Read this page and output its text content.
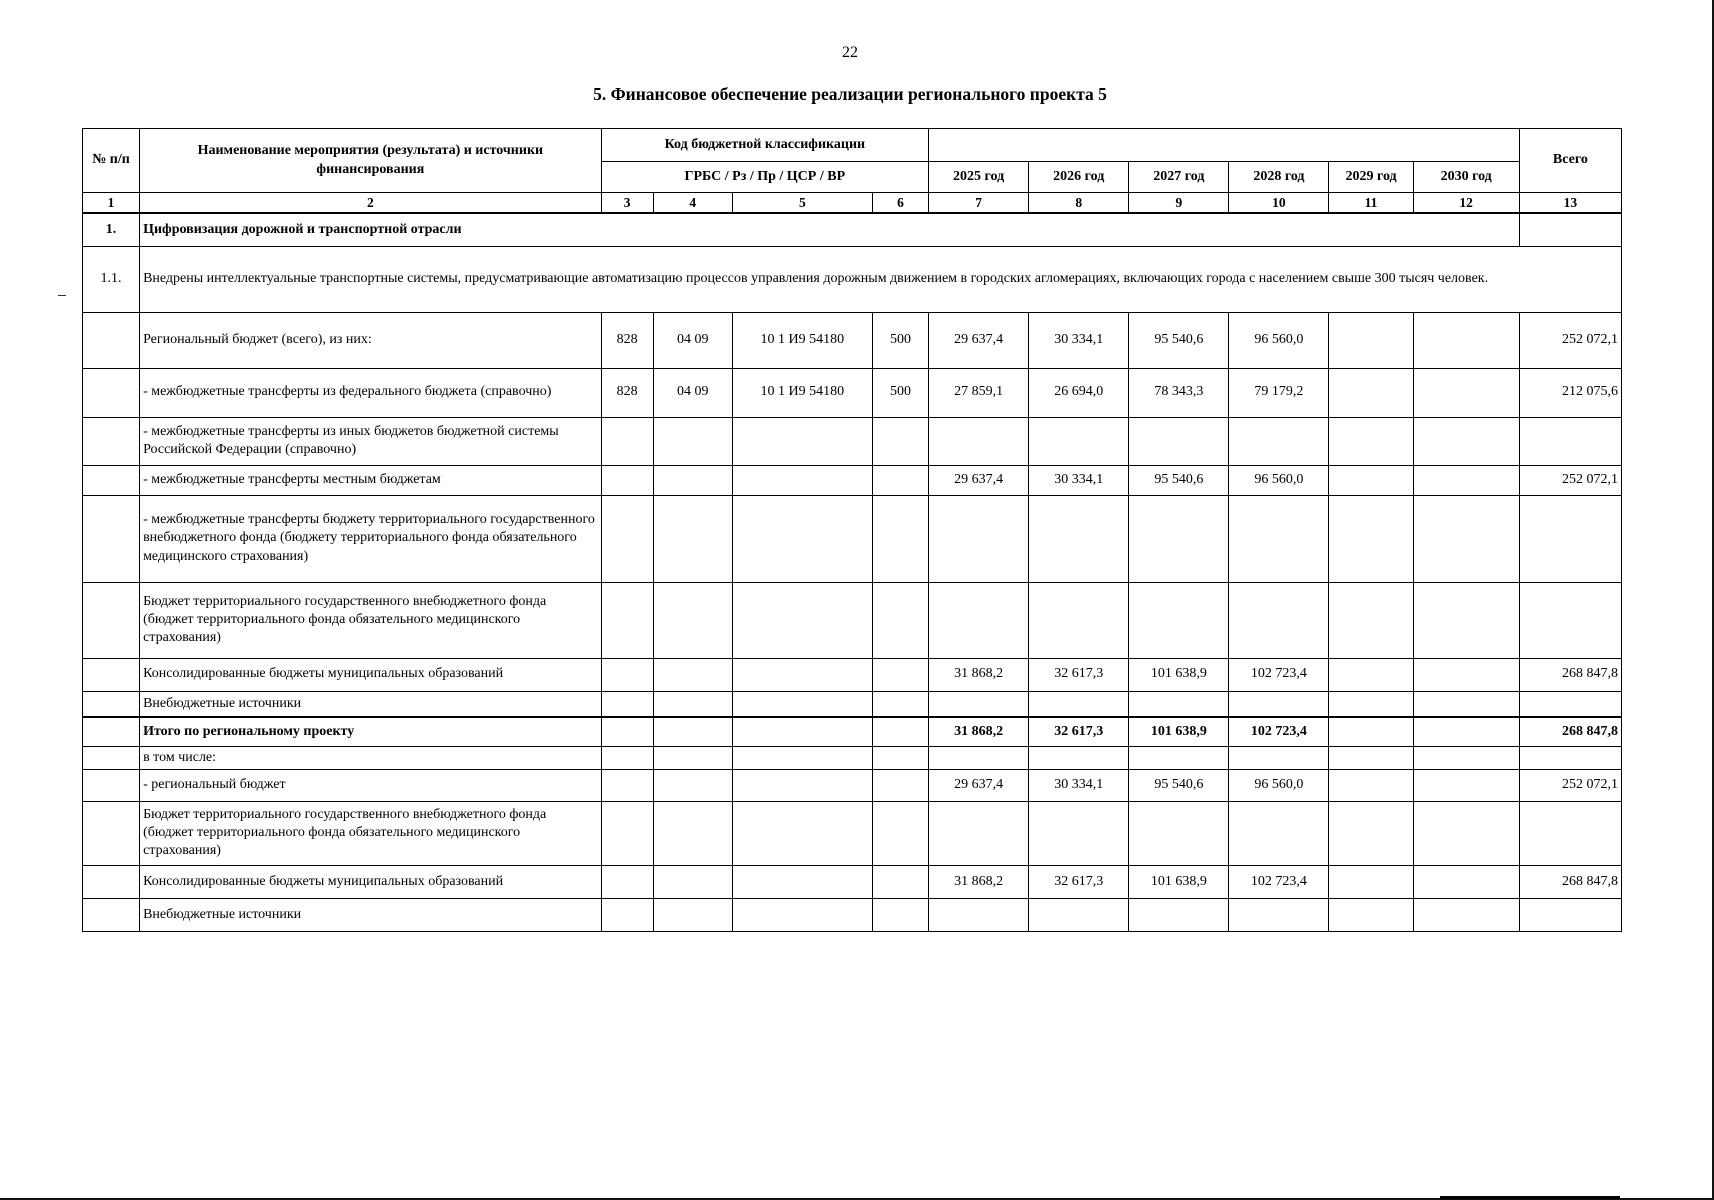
22
5. Финансовое обеспечение реализации регионального проекта 5
№ п/п	Наименование мероприятия (результата) и источники финансирования	Код бюджетной классификации										Всего
		ГРБС / Рз / Пр / ЦСР / ВР				2025 год	2026 год	2027 год	2028 год	2029 год	2030 год	
1	2	3	4	5	6	7	8	9	10	11	12	13
1.	Цифровизация дорожной и транспортной отрасли											
1.1.	Внедрены интеллектуальные транспортные системы, предусматривающие автоматизацию процессов управления дорожным движением в городских агломерациях, включающих города с населением свыше 300 тысяч человек.											
	Региональный бюджет (всего), из них:	828	04 09	10 1 И9 54180	500	29 637,4	30 334,1	95 540,6	96 560,0			252 072,1
	- межбюджетные трансферты из федерального бюджета (справочно)	828	04 09	10 1 И9 54180	500	27 859,1	26 694,0	78 343,3	79 179,2			212 075,6
	- межбюджетные трансферты из иных бюджетов бюджетной системы Российской Федерации (справочно)											
	- межбюджетные трансферты местным бюджетам					29 637,4	30 334,1	95 540,6	96 560,0			252 072,1
	- межбюджетные трансферты бюджету территориального государственного внебюджетного фонда (бюджету территориального фонда обязательного медицинского страхования)											
	Бюджет территориального государственного внебюджетного фонда (бюджет территориального фонда обязательного медицинского страхования)											
	Консолидированные бюджеты муниципальных образований					31 868,2	32 617,3	101 638,9	102 723,4			268 847,8
	Внебюджетные источники											
	Итого по региональному проекту					31 868,2	32 617,3	101 638,9	102 723,4			268 847,8
	в том числе:											
	- региональный бюджет					29 637,4	30 334,1	95 540,6	96 560,0			252 072,1
	Бюджет территориального государственного внебюджетного фонда (бюджет территориального фонда обязательного медицинского страхования)											
	Консолидированные бюджеты муниципальных образований					31 868,2	32 617,3	101 638,9	102 723,4			268 847,8
	Внебюджетные источники											
